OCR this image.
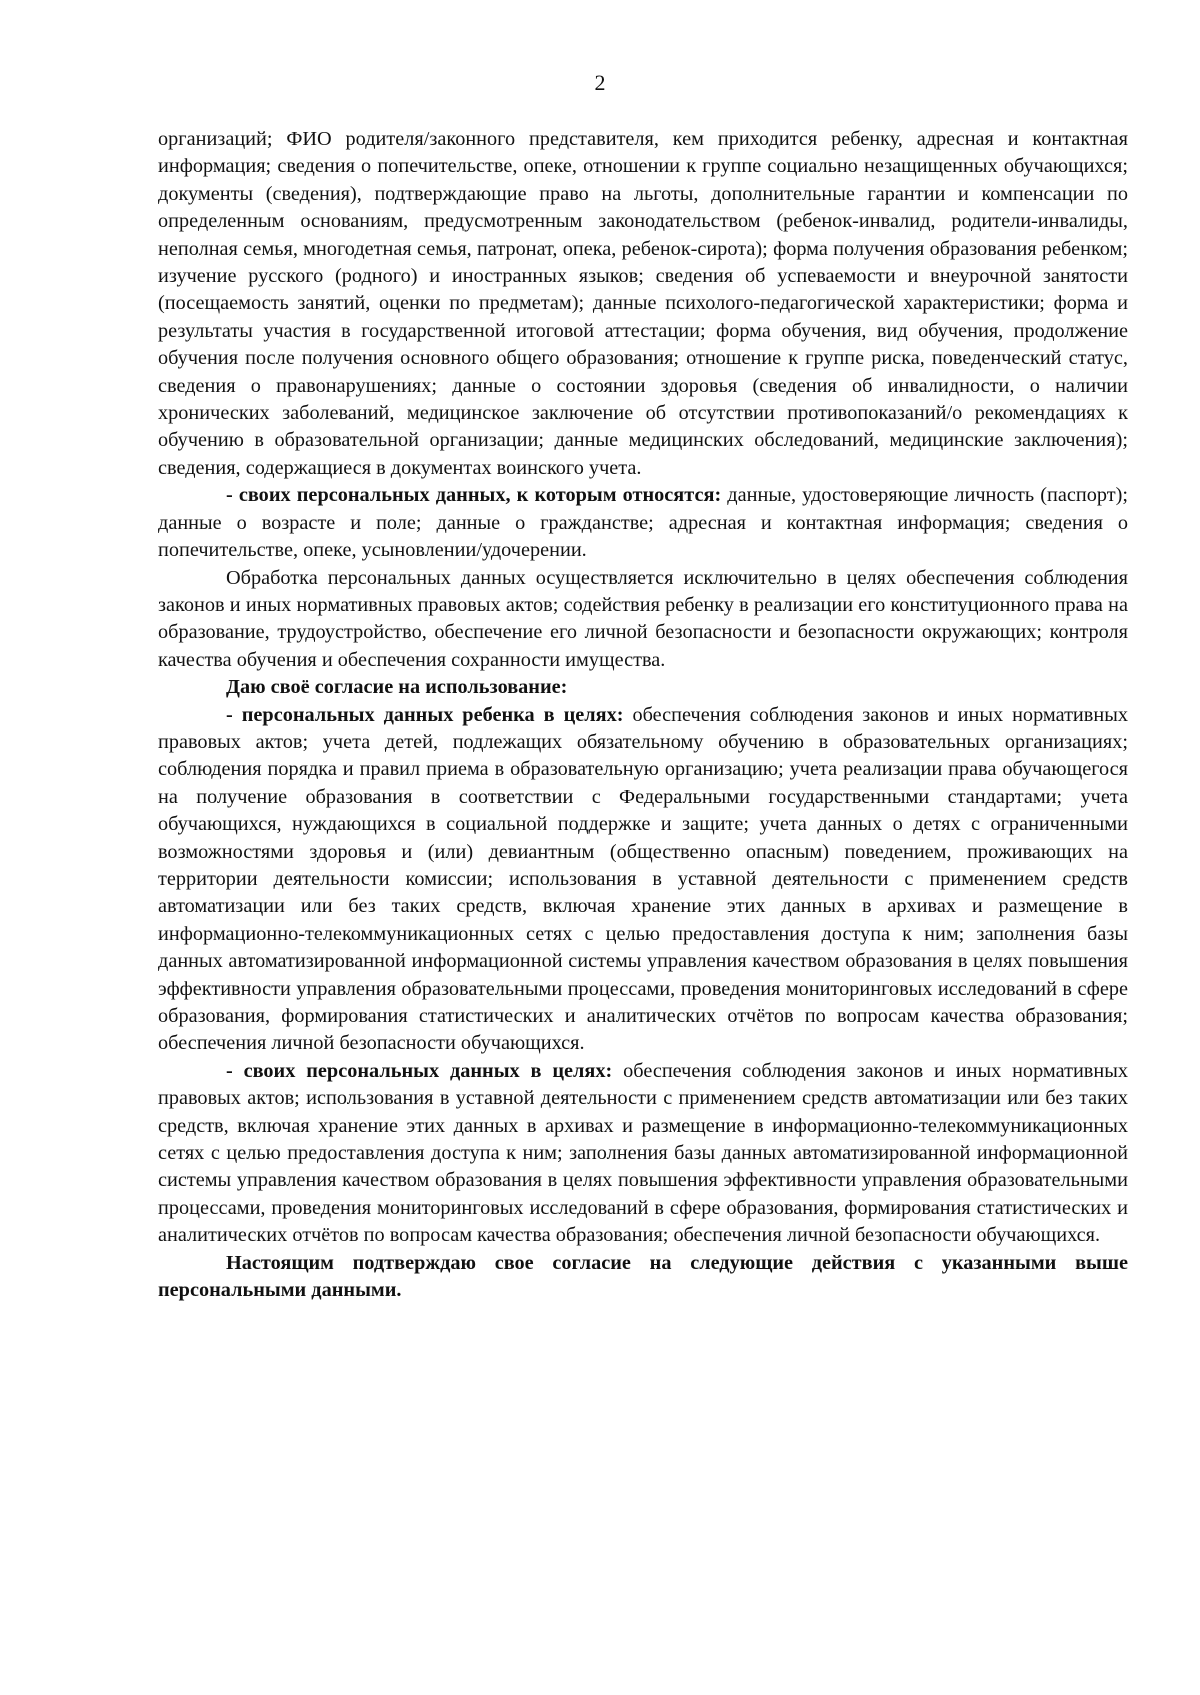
2

организаций; ФИО родителя/законного представителя, кем приходится ребенку, адресная и контактная информация; сведения о попечительстве, опеке, отношении к группе социально незащищенных обучающихся; документы (сведения), подтверждающие право на льготы, дополнительные гарантии и компенсации по определенным основаниям, предусмотренным законодательством (ребенок-инвалид, родители-инвалиды, неполная семья, многодетная семья, патронат, опека, ребенок-сирота); форма получения образования ребенком; изучение русского (родного) и иностранных языков; сведения об успеваемости и внеурочной занятости (посещаемость занятий, оценки по предметам); данные психолого-педагогической характеристики; форма и результаты участия в государственной итоговой аттестации; форма обучения, вид обучения, продолжение обучения после получения основного общего образования; отношение к группе риска, поведенческий статус, сведения о правонарушениях; данные о состоянии здоровья (сведения об инвалидности, о наличии хронических заболеваний, медицинское заключение об отсутствии противопоказаний/о рекомендациях к обучению в образовательной организации; данные медицинских обследований, медицинские заключения); сведения, содержащиеся в документах воинского учета.

- своих персональных данных, к которым относятся: данные, удостоверяющие личность (паспорт); данные о возрасте и поле; данные о гражданстве; адресная и контактная информация; сведения о попечительстве, опеке, усыновлении/удочерении.

Обработка персональных данных осуществляется исключительно в целях обеспечения соблюдения законов и иных нормативных правовых актов; содействия ребенку в реализации его конституционного права на образование, трудоустройство, обеспечение его личной безопасности и безопасности окружающих; контроля качества обучения и обеспечения сохранности имущества.

Даю своё согласие на использование:

- персональных данных ребенка в целях: обеспечения соблюдения законов и иных нормативных правовых актов; учета детей, подлежащих обязательному обучению в образовательных организациях; соблюдения порядка и правил приема в образовательную организацию; учета реализации права обучающегося на получение образования в соответствии с Федеральными государственными стандартами; учета обучающихся, нуждающихся в социальной поддержке и защите; учета данных о детях с ограниченными возможностями здоровья и (или) девиантным (общественно опасным) поведением, проживающих на территории деятельности комиссии; использования в уставной деятельности с применением средств автоматизации или без таких средств, включая хранение этих данных в архивах и размещение в информационно-телекоммуникационных сетях с целью предоставления доступа к ним; заполнения базы данных автоматизированной информационной системы управления качеством образования в целях повышения эффективности управления образовательными процессами, проведения мониторинговых исследований в сфере образования, формирования статистических и аналитических отчётов по вопросам качества образования; обеспечения личной безопасности обучающихся.

- своих персональных данных в целях: обеспечения соблюдения законов и иных нормативных правовых актов; использования в уставной деятельности с применением средств автоматизации или без таких средств, включая хранение этих данных в архивах и размещение в информационно-телекоммуникационных сетях с целью предоставления доступа к ним; заполнения базы данных автоматизированной информационной системы управления качеством образования в целях повышения эффективности управления образовательными процессами, проведения мониторинговых исследований в сфере образования, формирования статистических и аналитических отчётов по вопросам качества образования; обеспечения личной безопасности обучающихся.

Настоящим подтверждаю свое согласие на следующие действия с указанными выше персональными данными.
